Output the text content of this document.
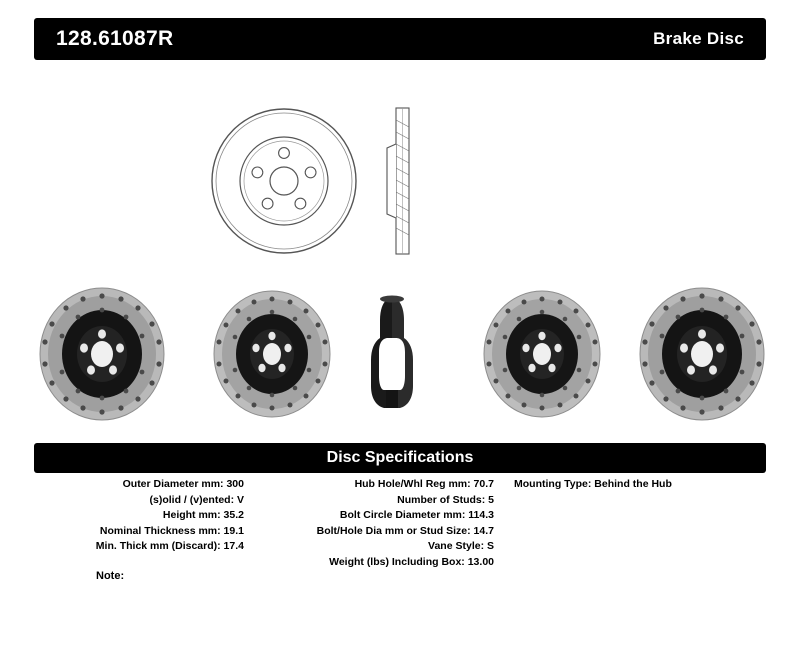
128.61087R	Brake Disc
Disc Specifications
Outer Diameter mm: 300
(s)olid / (v)ented: V
Height mm: 35.2
Nominal Thickness mm: 19.1
Min. Thick mm (Discard): 17.4
Hub Hole/Whl Reg mm: 70.7
Number of Studs: 5
Bolt Circle Diameter mm: 114.3
Bolt/Hole Dia mm or Stud Size: 14.7
Vane Style: S
Weight (lbs) Including Box: 13.00
Mounting Type: Behind the Hub
Note:
